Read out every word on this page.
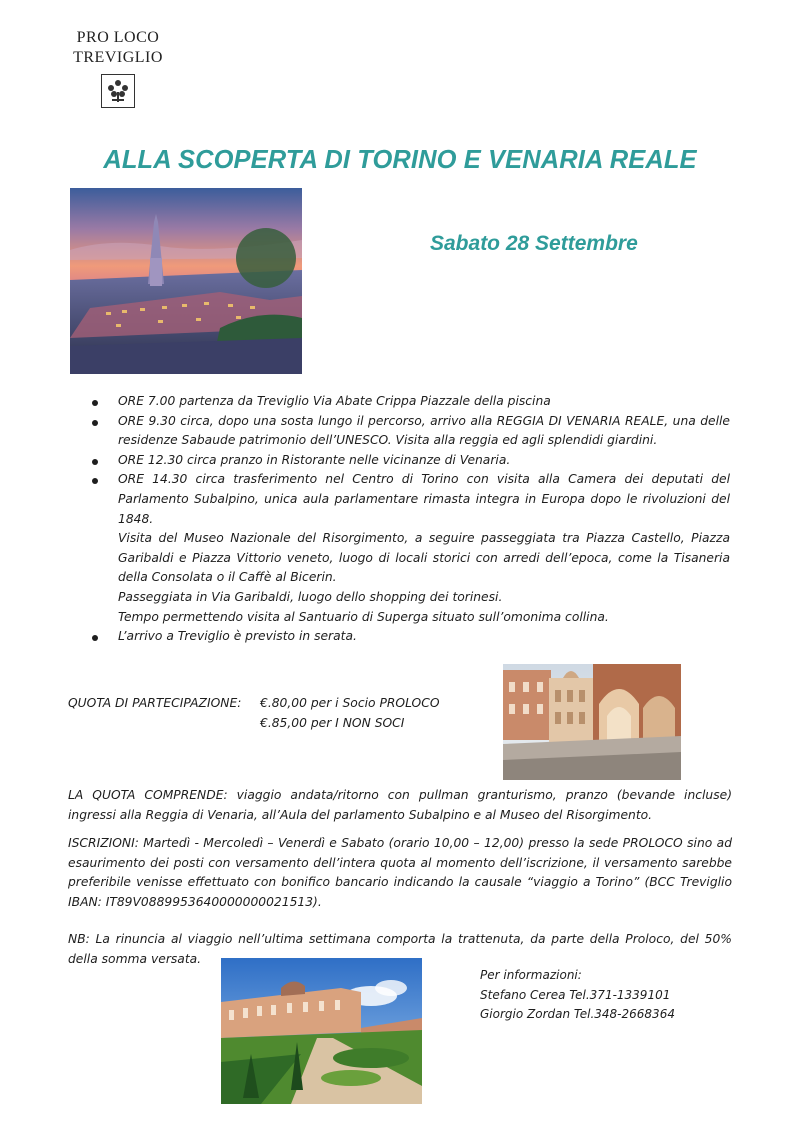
PRO LOCO
TREVIGLIO
ALLA SCOPERTA DI TORINO E VENARIA REALE
Sabato 28 Settembre
ORE 7.00 partenza da Treviglio Via Abate Crippa Piazzale della piscina
ORE 9.30 circa, dopo una sosta lungo il percorso, arrivo alla REGGIA DI VENARIA REALE, una delle residenze Sabaude patrimonio dell’UNESCO. Visita alla reggia ed agli splendidi giardini.
ORE 12.30 circa pranzo in Ristorante nelle vicinanze di Venaria.
ORE 14.30 circa trasferimento nel Centro di Torino con visita alla Camera dei deputati del Parlamento Subalpino, unica aula parlamentare rimasta integra in Europa dopo le rivoluzioni del 1848.
Visita del Museo Nazionale del Risorgimento, a seguire passeggiata tra Piazza Castello, Piazza Garibaldi e Piazza Vittorio veneto, luogo di locali storici con arredi dell’epoca, come la Tisaneria della Consolata o il Caffè al Bicerin.
Passeggiata in Via Garibaldi, luogo dello shopping dei torinesi.
Tempo permettendo visita al Santuario di Superga situato sull’omonima collina.
L’arrivo a Treviglio è previsto in serata.
QUOTA DI PARTECIPAZIONE: €.80,00 per i Socio PROLOCO
€.85,00 per I NON SOCI

LA QUOTA COMPRENDE: viaggio andata/ritorno con pullman granturismo, pranzo (bevande incluse) ingressi alla Reggia di Venaria, all’Aula del parlamento Subalpino e al Museo del Risorgimento.

ISCRIZIONI: Martedì - Mercoledì – Venerdì e Sabato (orario 10,00 – 12,00) presso la sede PROLOCO sino ad esaurimento dei posti con versamento dell’intera quota al momento dell’iscrizione, il versamento sarebbe preferibile venisse effettuato con bonifico bancario indicando la causale “viaggio a Torino” (BCC Treviglio IBAN: IT89V0889953640000000021513).

NB: La rinuncia al viaggio nell’ultima settimana comporta la trattenuta, da parte della Proloco, del 50% della somma versata.

Per informazioni:
Stefano Cerea Tel.371-1339101
Giorgio Zordan Tel.348-2668364
